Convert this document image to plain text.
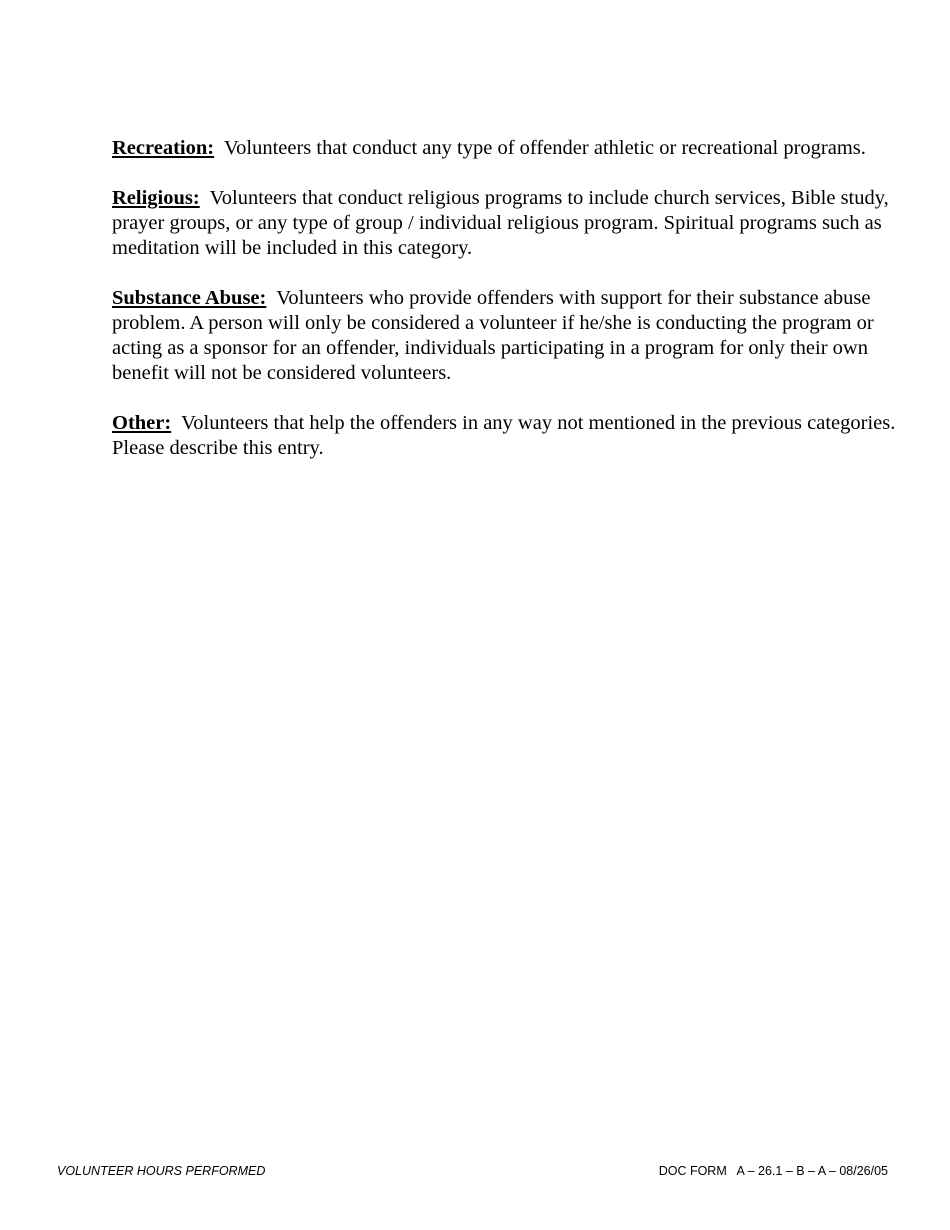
Recreation: Volunteers that conduct any type of offender athletic or recreational programs.

Religious: Volunteers that conduct religious programs to include church services, Bible study, prayer groups, or any type of group / individual religious program. Spiritual programs such as meditation will be included in this category.

Substance Abuse: Volunteers who provide offenders with support for their substance abuse problem. A person will only be considered a volunteer if he/she is conducting the program or acting as a sponsor for an offender, individuals participating in a program for only their own benefit will not be considered volunteers.

Other: Volunteers that help the offenders in any way not mentioned in the previous categories. Please describe this entry.

VOLUNTEER HOURS PERFORMED	DOC FORM   A – 26.1 – B – A – 08/26/05
